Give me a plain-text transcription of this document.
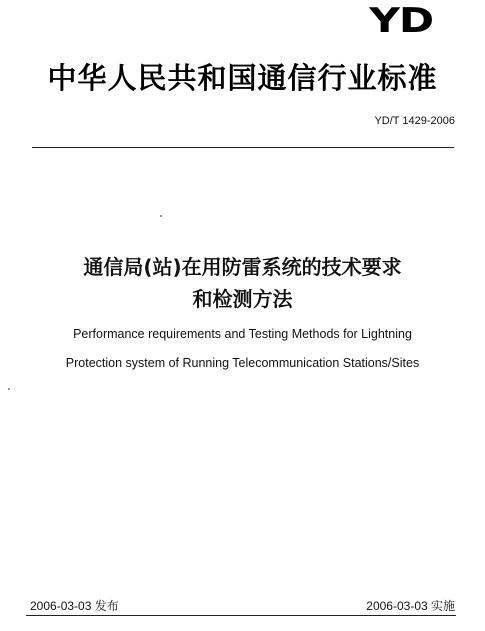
YD
中华人民共和国通信行业标准
YD/T 1429-2006
通信局(站)在用防雷系统的技术要求
和检测方法
Performance requirements and Testing Methods for Lightning
Protection system of Running Telecommunication Stations/Sites
2006-03-03 发布	2006-03-03 实施
